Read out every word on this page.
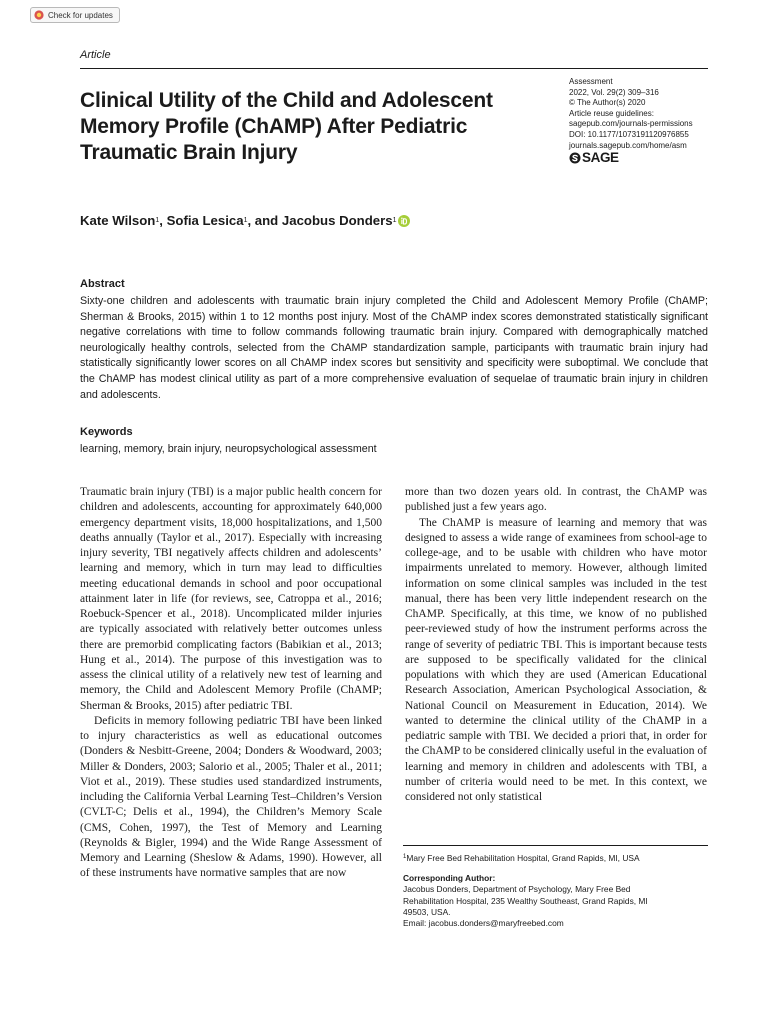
Check for updates
Article
Clinical Utility of the Child and Adolescent Memory Profile (ChAMP) After Pediatric Traumatic Brain Injury
Assessment
2022, Vol. 29(2) 309–316
© The Author(s) 2020
Article reuse guidelines:
sagepub.com/journals-permissions
DOI: 10.1177/1073191120976855
journals.sagepub.com/home/asm
SAGE
Kate Wilson 1 , Sofia Lesica 1 , and Jacobus Donders 1
Abstract
Sixty-one children and adolescents with traumatic brain injury completed the Child and Adolescent Memory Profile (ChAMP; Sherman & Brooks, 2015) within 1 to 12 months post injury. Most of the ChAMP index scores demonstrated statistically significant negative correlations with time to follow commands following traumatic brain injury. Compared with demographically matched neurologically healthy controls, selected from the ChAMP standardization sample, participants with traumatic brain injury had statistically significantly lower scores on all ChAMP index scores but sensitivity and specificity were suboptimal. We conclude that the ChAMP has modest clinical utility as part of a more comprehensive evaluation of sequelae of traumatic brain injury in children and adolescents.
Keywords
learning, memory, brain injury, neuropsychological assessment

Traumatic brain injury (TBI) is a major public health concern for children and adolescents, accounting for approximately 640,000 emergency department visits, 18,000 hospitalizations, and 1,500 deaths annually (Taylor et al., 2017). Especially with increasing injury severity, TBI negatively affects children and adolescents’ learning and memory, which in turn may lead to difficulties meeting educational demands in school and poor occupational attainment later in life (for reviews, see, Catroppa et al., 2016; Roebuck-Spencer et al., 2018). Uncomplicated milder injuries are typically associated with relatively better outcomes unless there are premorbid complicating factors (Babikian et al., 2013; Hung et al., 2014). The purpose of this investigation was to assess the clinical utility of a relatively new test of learning and memory, the Child and Adolescent Memory Profile (ChAMP; Sherman & Brooks, 2015) after pediatric TBI.

Deficits in memory following pediatric TBI have been linked to injury characteristics as well as educational outcomes (Donders & Nesbitt-Greene, 2004; Donders & Woodward, 2003; Miller & Donders, 2003; Salorio et al., 2005; Thaler et al., 2011; Viot et al., 2019). These studies used standardized instruments, including the California Verbal Learning Test–Children’s Version (CVLT-C; Delis et al., 1994), the Children’s Memory Scale (CMS, Cohen, 1997), the Test of Memory and Learning (Reynolds & Bigler, 1994) and the Wide Range Assessment of Memory and Learning (Sheslow & Adams, 1990). However, all of these instruments have normative samples that are now

more than two dozen years old. In contrast, the ChAMP was published just a few years ago.

The ChAMP is measure of learning and memory that was designed to assess a wide range of examinees from school-age to college-age, and to be usable with children who have motor impairments unrelated to memory. However, although limited information on some clinical samples was included in the test manual, there has been very little independent research on the ChAMP. Specifically, at this time, we know of no published peer-reviewed study of how the instrument performs across the range of severity of pediatric TBI. This is important because tests are supposed to be specifically validated for the clinical populations with which they are used (American Educational Research Association, American Psychological Association, & National Council on Measurement in Education, 2014). We wanted to determine the clinical utility of the ChAMP in a pediatric sample with TBI. We decided a priori that, in order for the ChAMP to be considered clinically useful in the evaluation of learning and memory in children and adolescents with TBI, a number of criteria would need to be met. In this context, we considered not only statistical

$^1$Mary Free Bed Rehabilitation Hospital, Grand Rapids, MI, USA
Corresponding Author:
Jacobus Donders, Department of Psychology, Mary Free Bed
Rehabilitation Hospital, 235 Wealthy Southeast, Grand Rapids, MI
49503, USA.
Email: jacobus.donders@maryfreebed.com
